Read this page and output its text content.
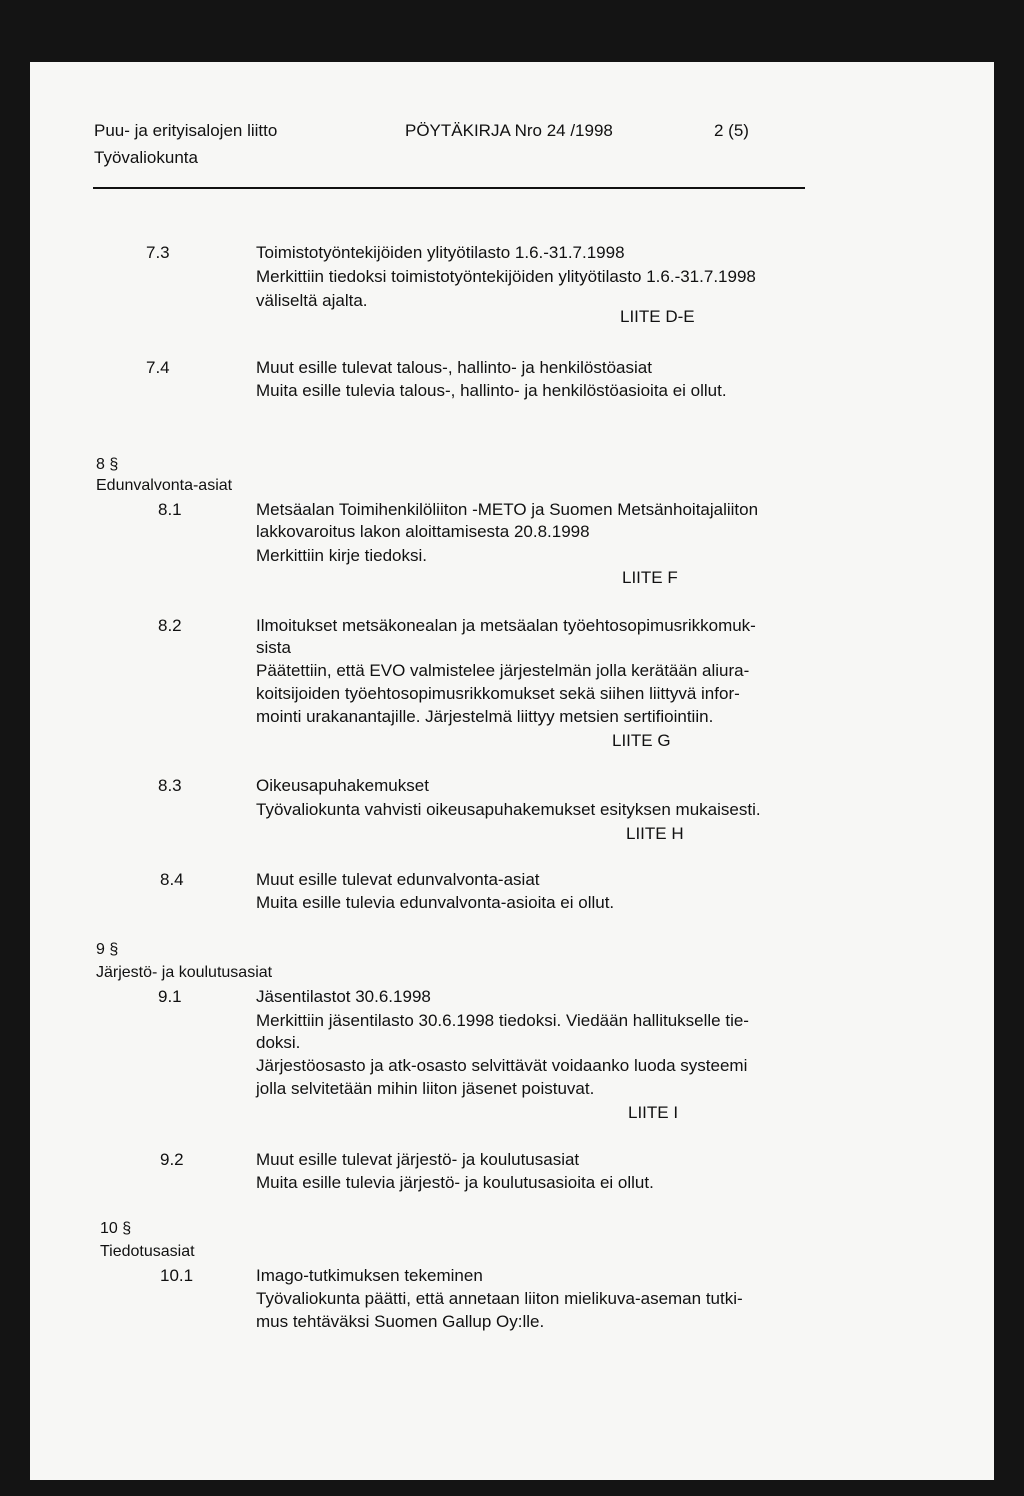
Puu- ja erityisalojen liitto
Työvaliokunta
PÖYTÄKIRJA Nro 24 /1998	2 (5)
7.3	Toimistotyöntekijöiden ylityötilasto 1.6.-31.7.1998
Merkittiin tiedoksi toimistotyöntekijöiden ylityötilasto 1.6.-31.7.1998
väliseltä ajalta.
LIITE D-E
7.4	Muut esille tulevat talous-, hallinto- ja henkilöstöasiat
Muita esille tulevia talous-, hallinto- ja henkilöstöasioita ei ollut.
8 §
Edunvalvonta-asiat
8.1	Metsäalan Toimihenkilöliiton -METO ja Suomen Metsänhoitajaliiton
lakkovaroitus lakon aloittamisesta 20.8.1998
Merkittiin kirje tiedoksi.
LIITE F
8.2	Ilmoitukset metsäkonealan ja metsäalan työehtosopimusrikkomuk-
sista
Päätettiin, että EVO valmistelee järjestelmän jolla kerätään aliura-
koitsijoiden työehtosopimusrikkomukset sekä siihen liittyvä infor-
mointi urakanantajille. Järjestelmä liittyy metsien sertifiointiin.
LIITE G
8.3	Oikeusapuhakemukset
Työvaliokunta vahvisti oikeusapuhakemukset esityksen mukaisesti.
LIITE H
8.4	Muut esille tulevat edunvalvonta-asiat
Muita esille tulevia edunvalvonta-asioita ei ollut.
9 §
Järjestö- ja koulutusasiat
9.1	Jäsentilastot 30.6.1998
Merkittiin jäsentilasto 30.6.1998 tiedoksi. Viedään hallitukselle tie-
doksi.
Järjestöosasto ja atk-osasto selvittävät voidaanko luoda systeemi
jolla selvitetään mihin liiton jäsenet poistuvat.
LIITE I
9.2	Muut esille tulevat järjestö- ja koulutusasiat
Muita esille tulevia järjestö- ja koulutusasioita ei ollut.
10 §
Tiedotusasiat
10.1	Imago-tutkimuksen tekeminen
Työvaliokunta päätti, että annetaan liiton mielikuva-aseman tutki-
mus tehtäväksi Suomen Gallup Oy:lle.
